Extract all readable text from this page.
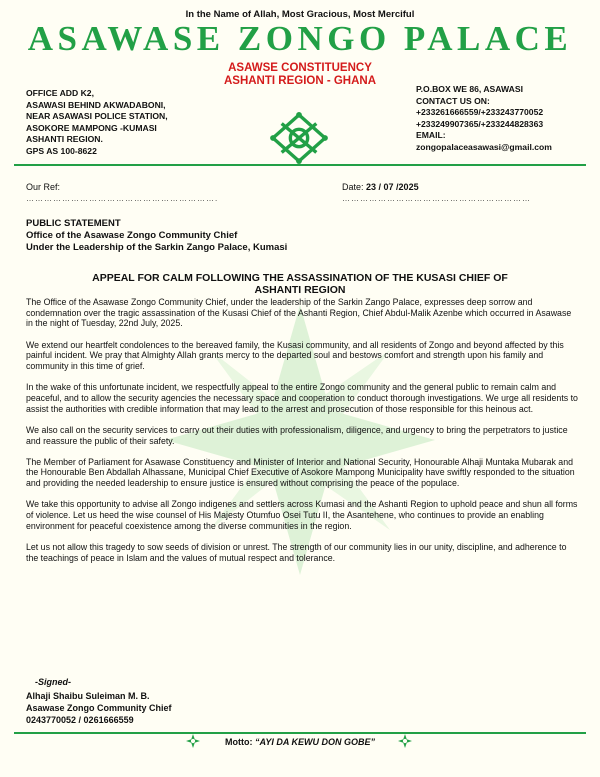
In the Name of Allah, Most Gracious, Most Merciful
ASAWASE ZONGO PALACE
ASAWSE CONSTITUENCY
ASHANTI REGION - GHANA
OFFICE ADD K2,
ASAWASI BEHIND AKWADABONI,
NEAR ASAWASI POLICE STATION,
ASOKORE MAMPONG -KUMASI
ASHANTI REGION.
GPS AS 100-8622
P.O.BOX WE 86, ASAWASI
CONTACT US ON:
+233261666559/+233243770052
+233249907365/+233244828363
EMAIL:
zongopalaceasawasi@gmail.com
Our Ref:
……………………………………………………….
Date: 23 / 07 /2025
………………………………………………………
PUBLIC STATEMENT
Office of the Asawase Zongo Community Chief
Under the Leadership of the Sarkin Zango Palace, Kumasi
APPEAL FOR CALM FOLLOWING THE ASSASSINATION OF THE KUSASI CHIEF OF
ASHANTI REGION

The Office of the Asawase Zongo Community Chief, under the leadership of the Sarkin Zango Palace, expresses deep sorrow and condemnation over the tragic assassination of the Kusasi Chief of the Ashanti Region, Chief Abdul-Malik Azenbe which occurred in Asawase in the night of Tuesday, 22nd July, 2025.

We extend our heartfelt condolences to the bereaved family, the Kusasi community, and all residents of Zongo and beyond affected by this painful incident. We pray that Almighty Allah grants mercy to the departed soul and bestows comfort and strength upon his family and community in this time of grief.

In the wake of this unfortunate incident, we respectfully appeal to the entire Zongo community and the general public to remain calm and peaceful, and to allow the security agencies the necessary space and cooperation to conduct thorough investigations. We urge all residents to assist the authorities with credible information that may lead to the arrest and prosecution of those responsible for this heinous act.

We also call on the security services to carry out their duties with professionalism, diligence, and urgency to bring the perpetrators to justice and reassure the public of their safety.

The Member of Parliament for Asawase Constituency and Minister of Interior and National Security, Honourable Alhaji Muntaka Mubarak and the Honourable Ben Abdallah Alhassane, Municipal Chief Executive of Asokore Mampong Municipality have swiftly responded to the situation and providing the needed leadership to ensure justice is ensured without comprising the peace of the populace.

We take this opportunity to advise all Zongo indigenes and settlers across Kumasi and the Ashanti Region to uphold peace and shun all forms of violence. Let us heed the wise counsel of His Majesty Otumfuo Osei Tutu II, the Asantehene, who continues to provide an enabling environment for peaceful coexistence among the diverse communities in the region.

Let us not allow this tragedy to sow seeds of division or unrest. The strength of our community lies in our unity, discipline, and adherence to the teachings of peace in Islam and the values of mutual respect and tolerance.

-Signed-
Alhaji Shaibu Suleiman M. B.
Asawase Zongo Community Chief
0243770052 / 0261666559
Motto: “AYI DA KEWU DON GOBE”
